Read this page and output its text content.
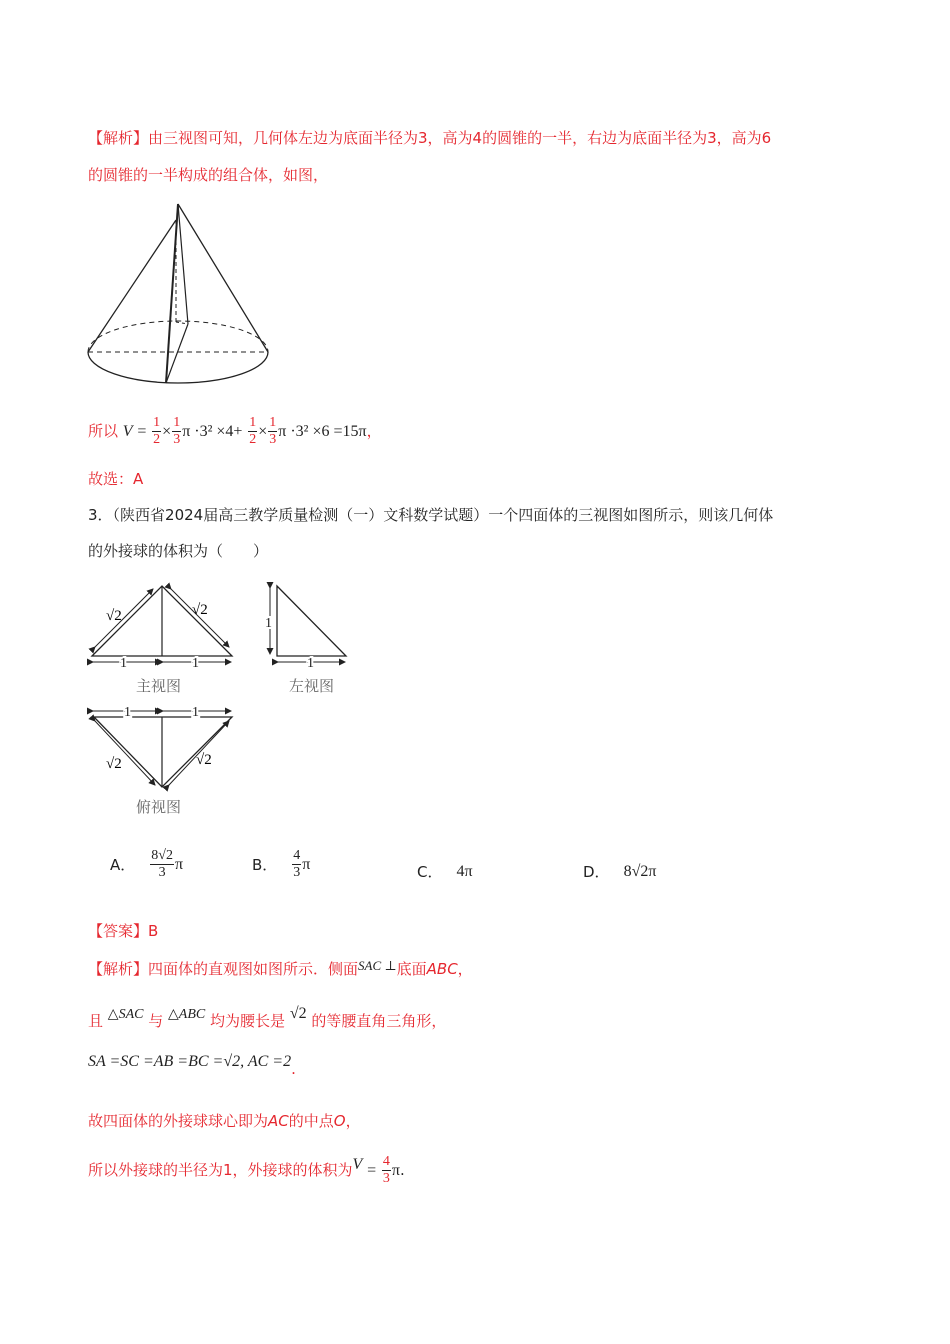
【解析】由三视图可知，几何体左边为底面半径为3，高为4的圆锥的一半，右边为底面半径为3，高为6
的圆锥的一半构成的组合体，如图，
所以 $V = \frac{1}{2} \times \frac{1}{3}$ $\pi \cdot 3^2 \times 4+ \frac{1}{2} \times \frac{1}{3}$ π ·3² ×6 =15π，
故选：A
3．（陕西省2024届高三教学质量检测（一）文科数学试题）一个四面体的三视图如图所示，则该几何体
的外接球的体积为（　　）
√2	√2
1	1
主视图
1
1
左视图
1	1
√2	√2
俯视图
A． $\frac{8√2}{3}$ π	B． $\frac{4}{3}$ π	C． 4π	D． 8√2π
【答案】B
【解析】四面体的直观图如图所示．侧面SAC ⊥底面ABC，
且 △SAC 与 △ABC 均为腰长是 √2 的等腰直角三角形，
SA =SC =AB =BC =√2, AC =2.
故四面体的外接球球心即为AC的中点O，
所以外接球的半径为1，外接球的体积为$V = \frac{4}{3} \pi$.
